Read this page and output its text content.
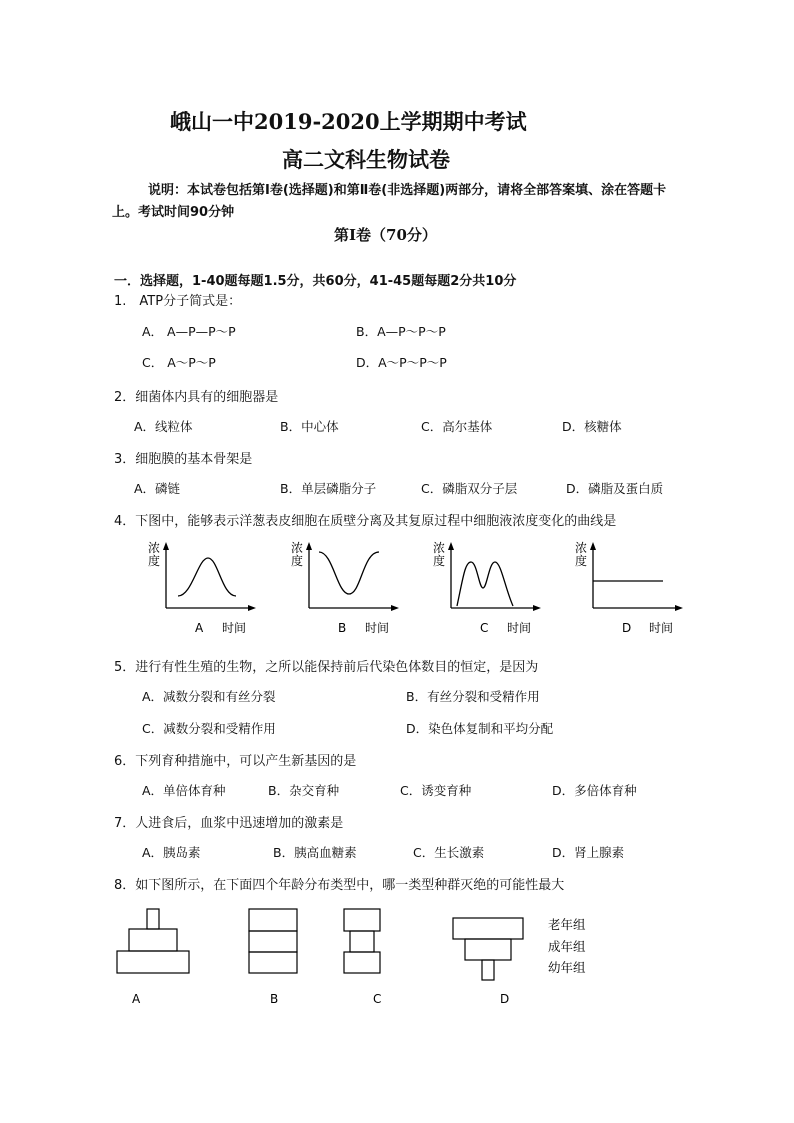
峨山一中2019-2020上学期期中考试
高二文科生物试卷
说明：本试卷包括第Ⅰ卷(选择题)和第Ⅱ卷(非选择题)两部分，请将全部答案填、涂在答题卡上。考试时间90分钟
第Ⅰ卷（70分）
一．选择题，1-40题每题1.5分，共60分，41-45题每题2分共10分
1.　ATP分子简式是：
A． A—P—P～P	B．A—P～P～P
C． A～P～P	D．A～P～P～P
2．细菌体内具有的细胞器是
A．线粒体	B．中心体	C．高尔基体	D．核糖体
3．细胞膜的基本骨架是
A．磷链	B．单层磷脂分子	C．磷脂双分子层	D．磷脂及蛋白质
4．下图中，能够表示洋葱表皮细胞在质壁分离及其复原过程中细胞液浓度变化的曲线是
浓度
A 时间
浓度
B 时间
浓度
C 时间
浓度
D 时间
5．进行有性生殖的生物，之所以能保持前后代染色体数目的恒定，是因为
A．减数分裂和有丝分裂	B．有丝分裂和受精作用
C．减数分裂和受精作用	D．染色体复制和平均分配
6．下列育种措施中，可以产生新基因的是
A．单倍体育种	B．杂交育种	C．诱变育种	D．多倍体育种
7．人进食后，血浆中迅速增加的激素是
A．胰岛素	B．胰高血糖素	C．生长激素	D．肾上腺素
8．如下图所示，在下面四个年龄分布类型中，哪一类型种群灭绝的可能性最大
A	B	C	D
老年组
成年组
幼年组
